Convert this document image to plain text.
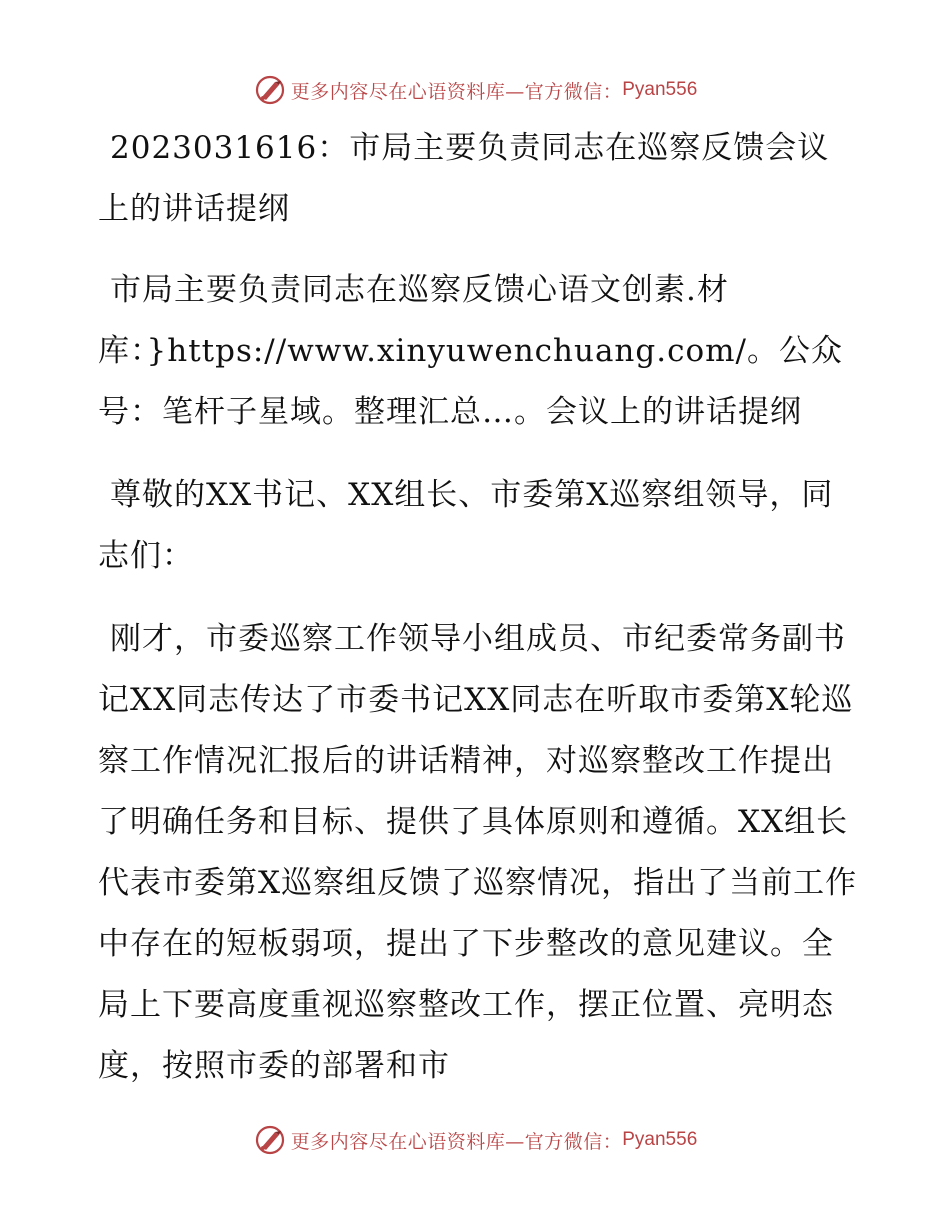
更多内容尽在心语资料库—官方微信： Pyan556

2023031616：市局主要负责同志在巡察反馈会议上的讲话提纲

市局主要负责同志在巡察反馈心语文创素.材库：}https://www.xinyuwenchuang.com/。公众号：笔杆子星域。整理汇总…。会议上的讲话提纲

尊敬的XX书记、XX组长、市委第X巡察组领导，同志们：

刚才，市委巡察工作领导小组成员、市纪委常务副书记XX同志传达了市委书记XX同志在听取市委第X轮巡察工作情况汇报后的讲话精神，对巡察整改工作提出了明确任务和目标、提供了具体原则和遵循。XX组长代表市委第X巡察组反馈了巡察情况，指出了当前工作中存在的短板弱项，提出了下步整改的意见建议。全局上下要高度重视巡察整改工作，摆正位置、亮明态度，按照市委的部署和市

更多内容尽在心语资料库—官方微信： Pyan556
